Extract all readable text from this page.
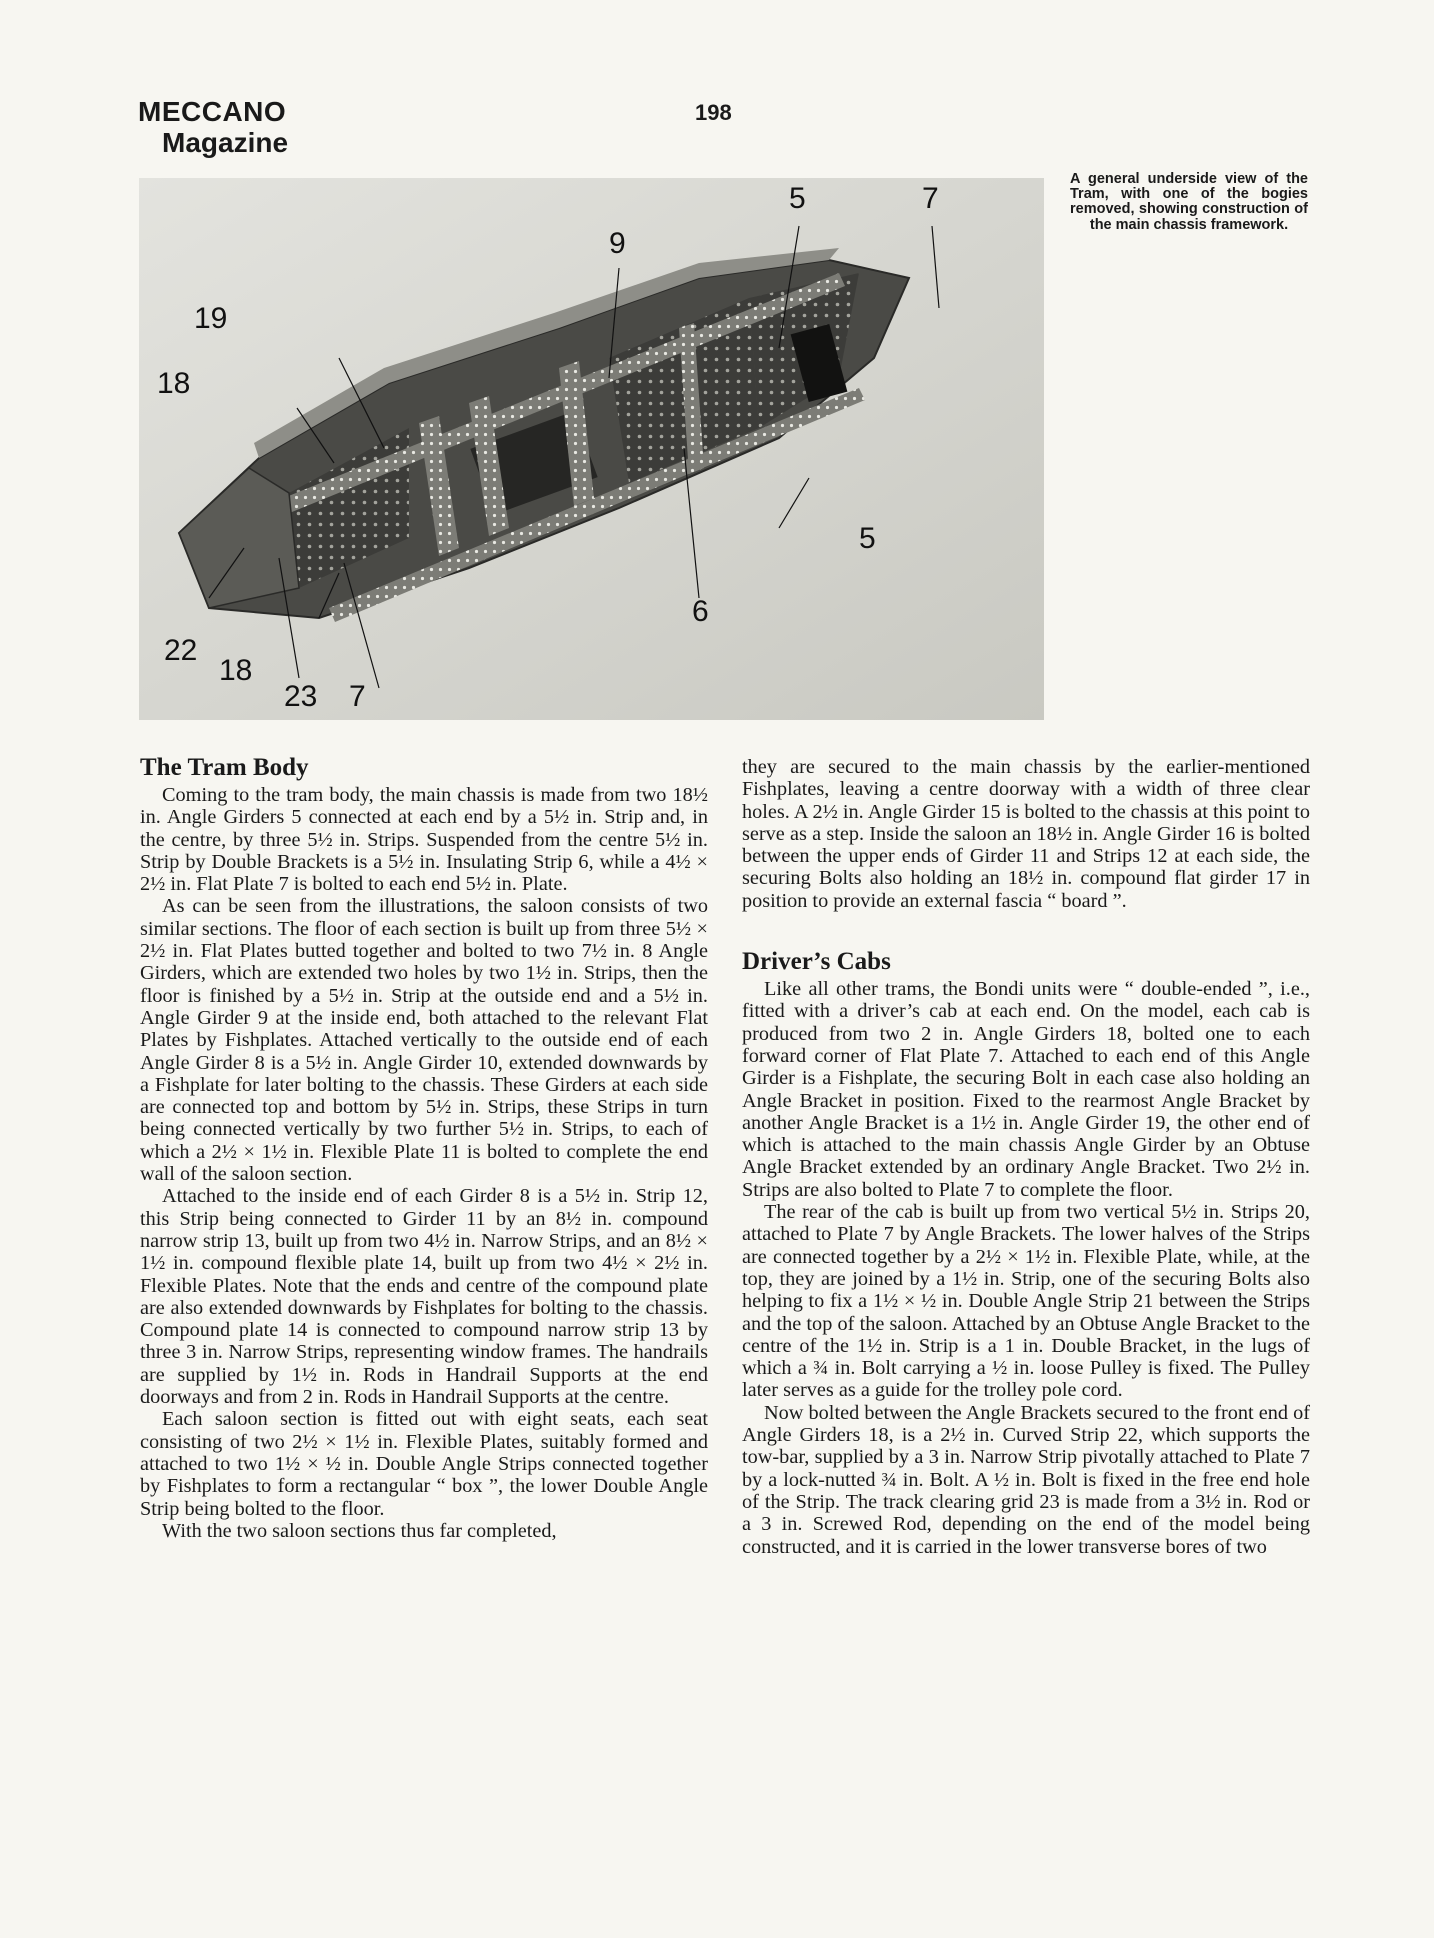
MECCANO
Magazine
198
5	7
9
19
18
5
6
22
18
23 7
A general underside view of the Tram, with one of the bogies removed, showing construction of the main chassis framework.
The Tram Body

Coming to the tram body, the main chassis is made from two 18½ in. Angle Girders 5 connected at each end by a 5½ in. Strip and, in the centre, by three 5½ in. Strips. Suspended from the centre 5½ in. Strip by Double Brackets is a 5½ in. Insulating Strip 6, while a 4½ × 2½ in. Flat Plate 7 is bolted to each end 5½ in. Plate.

As can be seen from the illustrations, the saloon consists of two similar sections. The floor of each section is built up from three 5½ × 2½ in. Flat Plates butted together and bolted to two 7½ in. 8 Angle Girders, which are extended two holes by two 1½ in. Strips, then the floor is finished by a 5½ in. Strip at the outside end and a 5½ in. Angle Girder 9 at the inside end, both attached to the relevant Flat Plates by Fishplates. Attached vertically to the outside end of each Angle Girder 8 is a 5½ in. Angle Girder 10, extended downwards by a Fishplate for later bolting to the chassis. These Girders at each side are connected top and bottom by 5½ in. Strips, these Strips in turn being connected vertically by two further 5½ in. Strips, to each of which a 2½ × 1½ in. Flexible Plate 11 is bolted to complete the end wall of the saloon section.

Attached to the inside end of each Girder 8 is a 5½ in. Strip 12, this Strip being connected to Girder 11 by an 8½ in. compound narrow strip 13, built up from two 4½ in. Narrow Strips, and an 8½ × 1½ in. compound flexible plate 14, built up from two 4½ × 2½ in. Flexible Plates. Note that the ends and centre of the compound plate are also extended downwards by Fishplates for bolting to the chassis. Compound plate 14 is connected to compound narrow strip 13 by three 3 in. Narrow Strips, representing window frames. The handrails are supplied by 1½ in. Rods in Handrail Supports at the end doorways and from 2 in. Rods in Handrail Supports at the centre.

Each saloon section is fitted out with eight seats, each seat consisting of two 2½ × 1½ in. Flexible Plates, suitably formed and attached to two 1½ × ½ in. Double Angle Strips connected together by Fishplates to form a rectangular “ box ”, the lower Double Angle Strip being bolted to the floor.

With the two saloon sections thus far completed,

they are secured to the main chassis by the earlier-mentioned Fishplates, leaving a centre doorway with a width of three clear holes. A 2½ in. Angle Girder 15 is bolted to the chassis at this point to serve as a step. Inside the saloon an 18½ in. Angle Girder 16 is bolted between the upper ends of Girder 11 and Strips 12 at each side, the securing Bolts also holding an 18½ in. compound flat girder 17 in position to provide an external fascia “ board ”.

Driver’s Cabs

Like all other trams, the Bondi units were “ double-ended ”, i.e., fitted with a driver’s cab at each end. On the model, each cab is produced from two 2 in. Angle Girders 18, bolted one to each forward corner of Flat Plate 7. Attached to each end of this Angle Girder is a Fishplate, the securing Bolt in each case also holding an Angle Bracket in position. Fixed to the rearmost Angle Bracket by another Angle Bracket is a 1½ in. Angle Girder 19, the other end of which is attached to the main chassis Angle Girder by an Obtuse Angle Bracket extended by an ordinary Angle Bracket. Two 2½ in. Strips are also bolted to Plate 7 to complete the floor.

The rear of the cab is built up from two vertical 5½ in. Strips 20, attached to Plate 7 by Angle Brackets. The lower halves of the Strips are connected together by a 2½ × 1½ in. Flexible Plate, while, at the top, they are joined by a 1½ in. Strip, one of the securing Bolts also helping to fix a 1½ × ½ in. Double Angle Strip 21 between the Strips and the top of the saloon. Attached by an Obtuse Angle Bracket to the centre of the 1½ in. Strip is a 1 in. Double Bracket, in the lugs of which a ¾ in. Bolt carrying a ½ in. loose Pulley is fixed. The Pulley later serves as a guide for the trolley pole cord.

Now bolted between the Angle Brackets secured to the front end of Angle Girders 18, is a 2½ in. Curved Strip 22, which supports the tow-bar, supplied by a 3 in. Narrow Strip pivotally attached to Plate 7 by a lock-nutted ¾ in. Bolt. A ½ in. Bolt is fixed in the free end hole of the Strip. The track clearing grid 23 is made from a 3½ in. Rod or a 3 in. Screwed Rod, depending on the end of the model being constructed, and it is carried in the lower transverse bores of two
